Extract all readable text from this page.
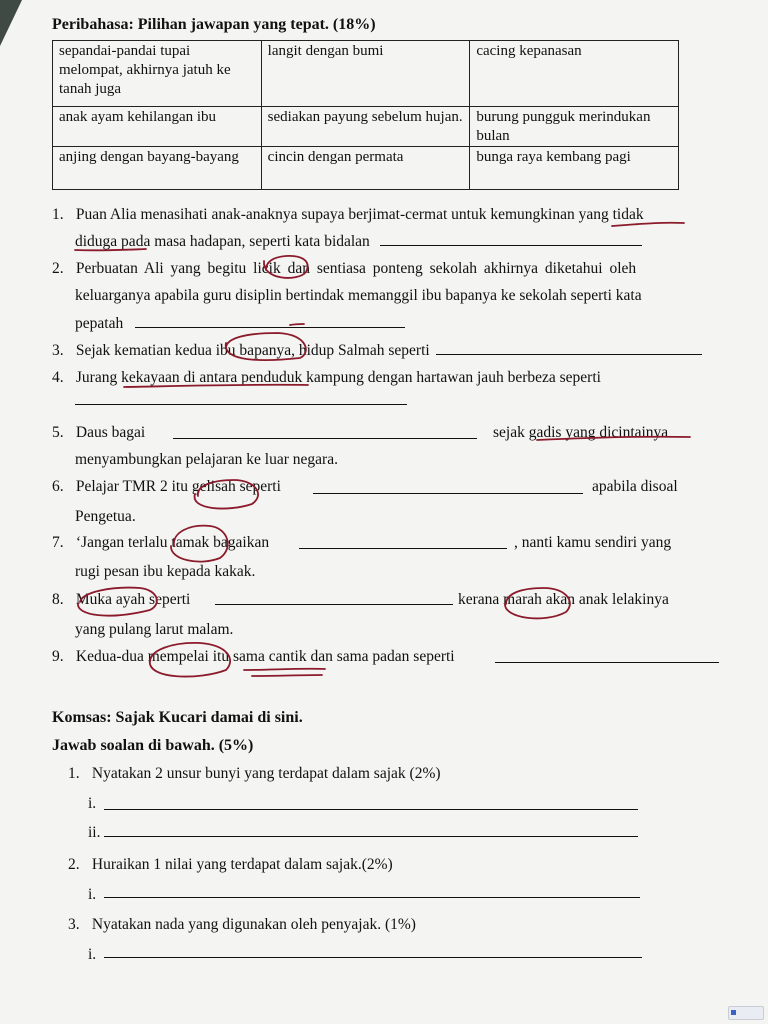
Peribahasa: Pilihan jawapan yang tepat. (18%)
sepandai-pandai tupai melompat, akhirnya jatuh ke tanah juga	langit dengan bumi	cacing kepanasan
anak ayam kehilangan ibu	sediakan payung sebelum hujan.	burung pungguk merindukan bulan
anjing dengan bayang-bayang	cincin dengan permata	bunga raya kembang pagi
1. Puan Alia menasihati anak-anaknya supaya berjimat-cermat untuk kemungkinan yang tidak
diduga pada masa hadapan, seperti kata bidalan
2. Perbuatan Ali yang begitu licik dan sentiasa ponteng sekolah akhirnya diketahui oleh
keluarganya apabila guru disiplin bertindak memanggil ibu bapanya ke sekolah seperti kata
pepatah
3. Sejak kematian kedua ibu bapanya, hidup Salmah seperti
4. Jurang kekayaan di antara penduduk kampung dengan hartawan jauh berbeza seperti
5. Daus bagai	sejak gadis yang dicintainya
menyambungkan pelajaran ke luar negara.
6. Pelajar TMR 2 itu gelisah seperti	apabila disoal
Pengetua.
7. ‘Jangan terlalu tamak bagaikan	, nanti kamu sendiri yang
rugi pesan ibu kepada kakak.
8. Muka ayah seperti	kerana marah akan anak lelakinya
yang pulang larut malam.
9. Kedua-dua mempelai itu sama cantik dan sama padan seperti
Komsas: Sajak Kucari damai di sini.
Jawab soalan di bawah. (5%)
1. Nyatakan 2 unsur bunyi yang terdapat dalam sajak (2%)
i.
ii.
2. Huraikan 1 nilai yang terdapat dalam sajak.(2%)
i.
3. Nyatakan nada yang digunakan oleh penyajak. (1%)
i.
